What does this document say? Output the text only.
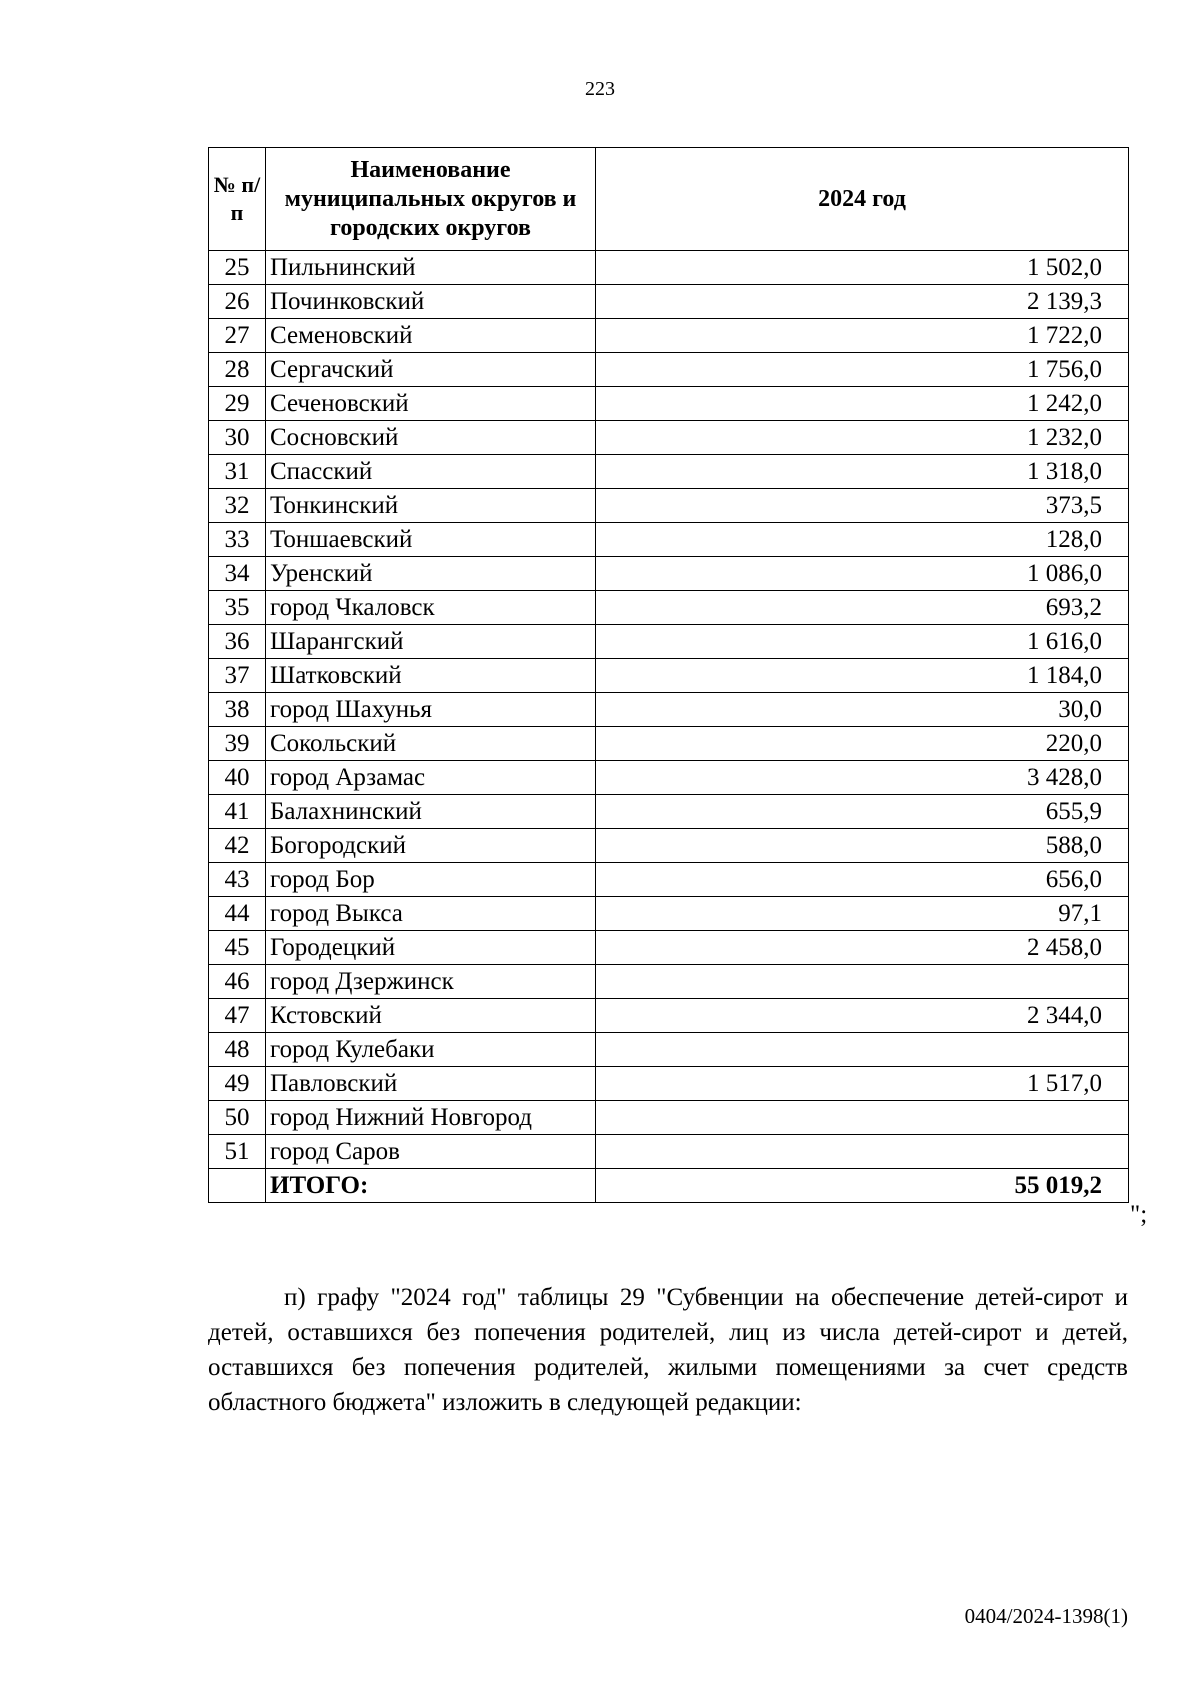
223
№ п/п	Наименование муниципальных округов и городских округов	2024 год
25	Пильнинский	1 502,0
26	Починковский	2 139,3
27	Семеновский	1 722,0
28	Сергачский	1 756,0
29	Сеченовский	1 242,0
30	Сосновский	1 232,0
31	Спасский	1 318,0
32	Тонкинский	373,5
33	Тоншаевский	128,0
34	Уренский	1 086,0
35	город Чкаловск	693,2
36	Шарангский	1 616,0
37	Шатковский	1 184,0
38	город Шахунья	30,0
39	Сокольский	220,0
40	город Арзамас	3 428,0
41	Балахнинский	655,9
42	Богородский	588,0
43	город Бор	656,0
44	город Выкса	97,1
45	Городецкий	2 458,0
46	город Дзержинск	
47	Кстовский	2 344,0
48	город Кулебаки	
49	Павловский	1 517,0
50	город Нижний Новгород	
51	город Саров	
	ИТОГО:	55 019,2
";

п) графу "2024 год" таблицы 29 "Субвенции на обеспечение детей-сирот и детей, оставшихся без попечения родителей, лиц из числа детей-сирот и детей, оставшихся без попечения родителей, жилыми помещениями за счет средств областного бюджета" изложить в следующей редакции:

0404/2024-1398(1)
